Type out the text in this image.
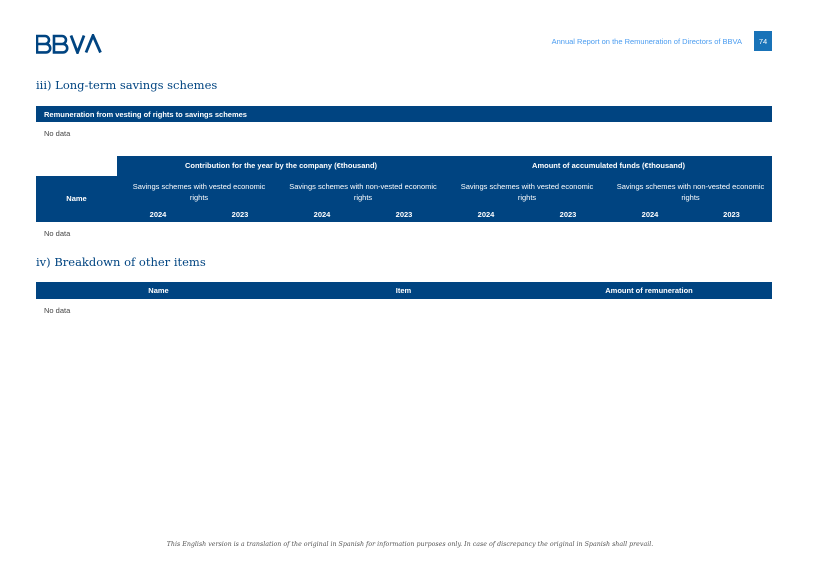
Annual Report on the Remuneration of Directors of BBVA	74
iii) Long-term savings schemes
Remuneration from vesting of rights to savings schemes
No data
Contribution for the year by the company (€thousand)	Amount of accumulated funds (€thousand)
Name
Savings schemes with vested economic rights
Savings schemes with non-vested economic rights
Savings schemes with vested economic rights
Savings schemes with non-vested economic rights
2024	2023	2024	2023	2024	2023	2024	2023
No data
iv) Breakdown of other items
Name	Item	Amount of remuneration
No data
This English version is a translation of the original in Spanish for information purposes only. In case of discrepancy the original in Spanish shall prevail.
